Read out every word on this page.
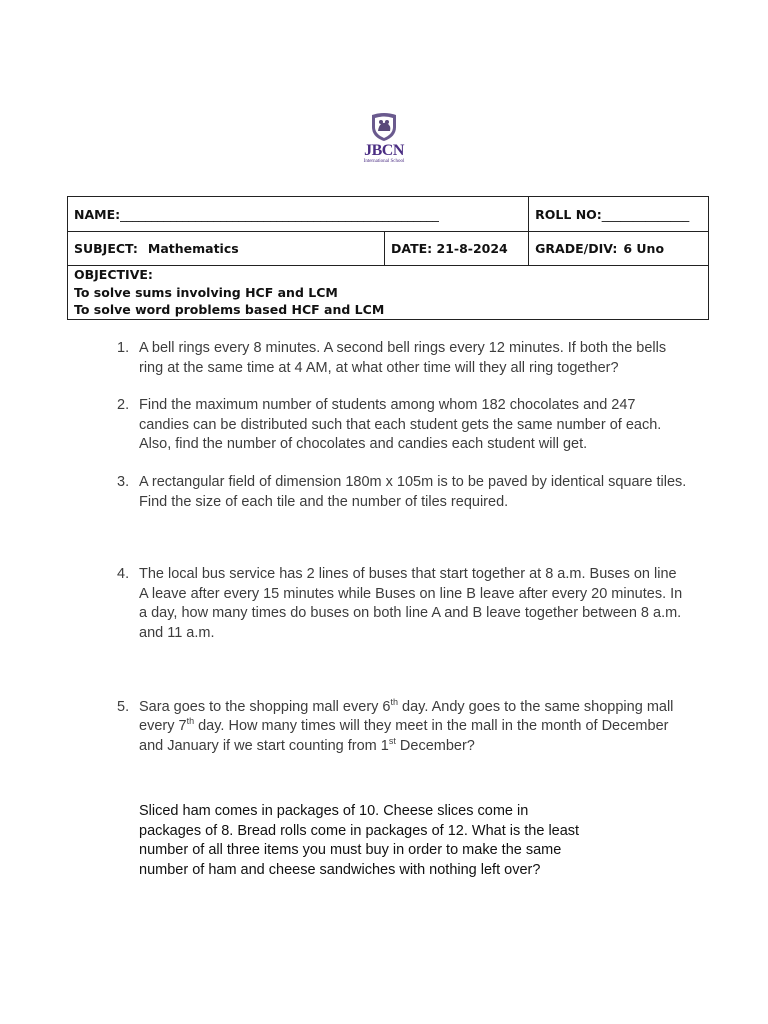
JBCN
International School
NAME:___________________________________________________		ROLL NO:______________
SUBJECT: Mathematics	DATE: 21-8-2024	GRADE/DIV: 6 Uno

OBJECTIVE:
To solve sums involving HCF and LCM
To solve word problems based HCF and LCM		
1. A bell rings every 8 minutes. A second bell rings every 12 minutes. If both the bells ring at the same time at 4 AM, at what other time will they all ring together?
2. Find the maximum number of students among whom 182 chocolates and 247 candies can be distributed such that each student gets the same number of each. Also, find the number of chocolates and candies each student will get.
3. A rectangular field of dimension 180m x 105m is to be paved by identical square tiles. Find the size of each tile and the number of tiles required.
4. The local bus service has 2 lines of buses that start together at 8 a.m. Buses on line A leave after every 15 minutes while Buses on line B leave after every 20 minutes. In a day, how many times do buses on both line A and B leave together between 8 a.m. and 11 a.m.
5. Sara goes to the shopping mall every 6th day. Andy goes to the same shopping mall every 7th day. How many times will they meet in the mall in the month of December and January if we start counting from 1st December?
Sliced ham comes in packages of 10. Cheese slices come in
packages of 8. Bread rolls come in packages of 12. What is the least
number of all three items you must buy in order to make the same
number of ham and cheese sandwiches with nothing left over?
